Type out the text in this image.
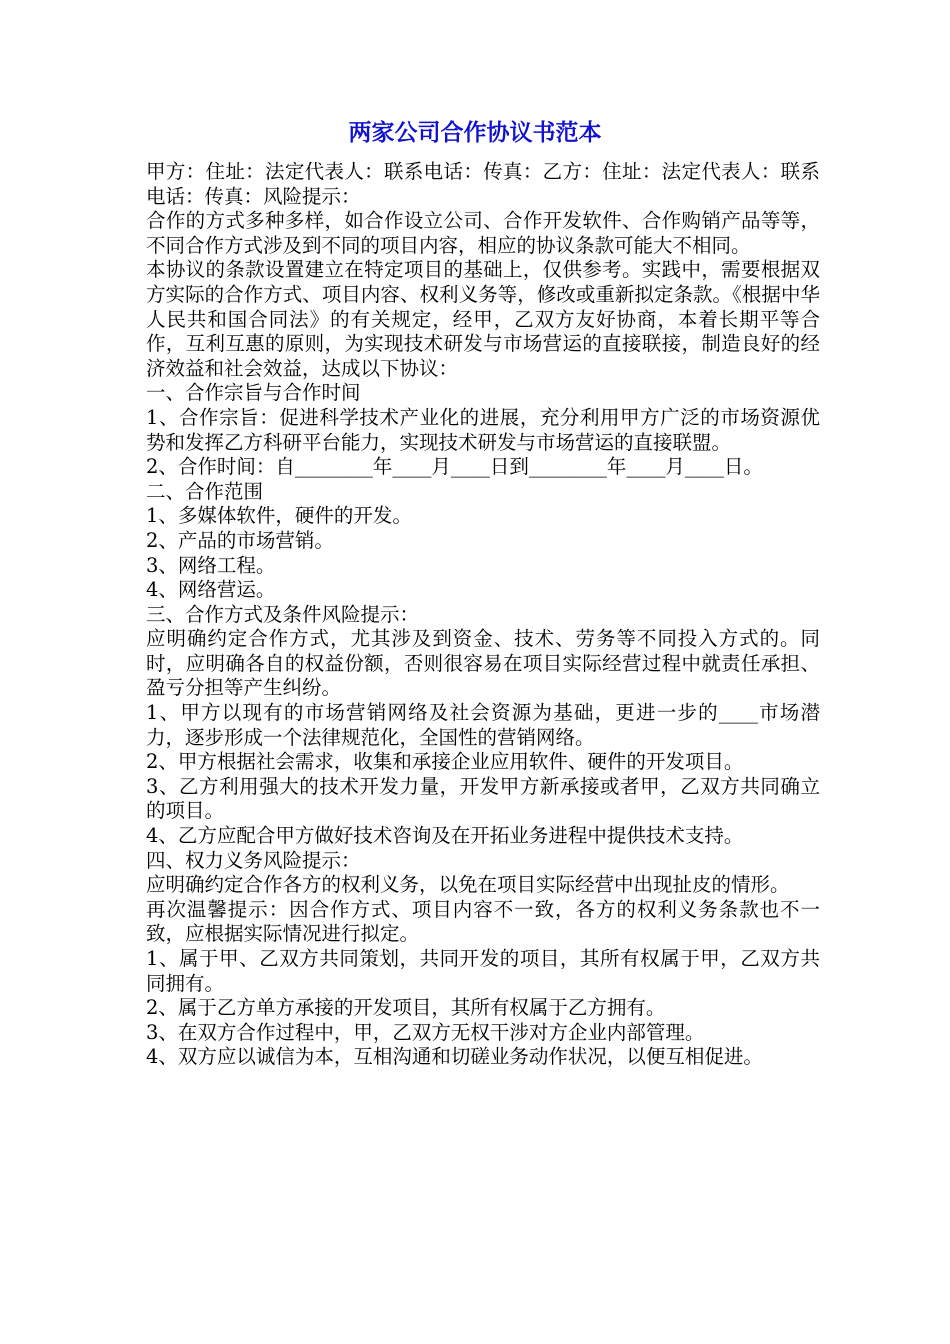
两家公司合作协议书范本

甲方：住址：法定代表人：联系电话：传真：乙方：住址：法定代表人：联系电话：传真：风险提示：

合作的方式多种多样，如合作设立公司、合作开发软件、合作购销产品等等，不同合作方式涉及到不同的项目内容，相应的协议条款可能大不相同。

本协议的条款设置建立在特定项目的基础上，仅供参考。实践中，需要根据双方实际的合作方式、项目内容、权利义务等，修改或重新拟定条款。《根据中华人民共和国合同法》的有关规定，经甲，乙双方友好协商，本着长期平等合作，互利互惠的原则，为实现技术研发与市场营运的直接联接，制造良好的经济效益和社会效益，达成以下协议：

一、合作宗旨与合作时间

1、合作宗旨：促进科学技术产业化的进展，充分利用甲方广泛的市场资源优势和发挥乙方科研平台能力，实现技术研发与市场营运的直接联盟。

2、合作时间：自________年____月____日到________年____月____日。

二、合作范围

1、多媒体软件，硬件的开发。

2、产品的市场营销。

3、网络工程。

4、网络营运。

三、合作方式及条件风险提示：

应明确约定合作方式，尤其涉及到资金、技术、劳务等不同投入方式的。同时，应明确各自的权益份额，否则很容易在项目实际经营过程中就责任承担、盈亏分担等产生纠纷。

1、甲方以现有的市场营销网络及社会资源为基础，更进一步的____市场潜力，逐步形成一个法律规范化，全国性的营销网络。

2、甲方根据社会需求，收集和承接企业应用软件、硬件的开发项目。

3、乙方利用强大的技术开发力量，开发甲方新承接或者甲，乙双方共同确立的项目。

4、乙方应配合甲方做好技术咨询及在开拓业务进程中提供技术支持。

四、权力义务风险提示：

应明确约定合作各方的权利义务，以免在项目实际经营中出现扯皮的情形。

再次温馨提示：因合作方式、项目内容不一致，各方的权利义务条款也不一致，应根据实际情况进行拟定。

1、属于甲、乙双方共同策划，共同开发的项目，其所有权属于甲，乙双方共同拥有。

2、属于乙方单方承接的开发项目，其所有权属于乙方拥有。

3、在双方合作过程中，甲，乙双方无权干涉对方企业内部管理。

4、双方应以诚信为本，互相沟通和切磋业务动作状况，以便互相促进。
